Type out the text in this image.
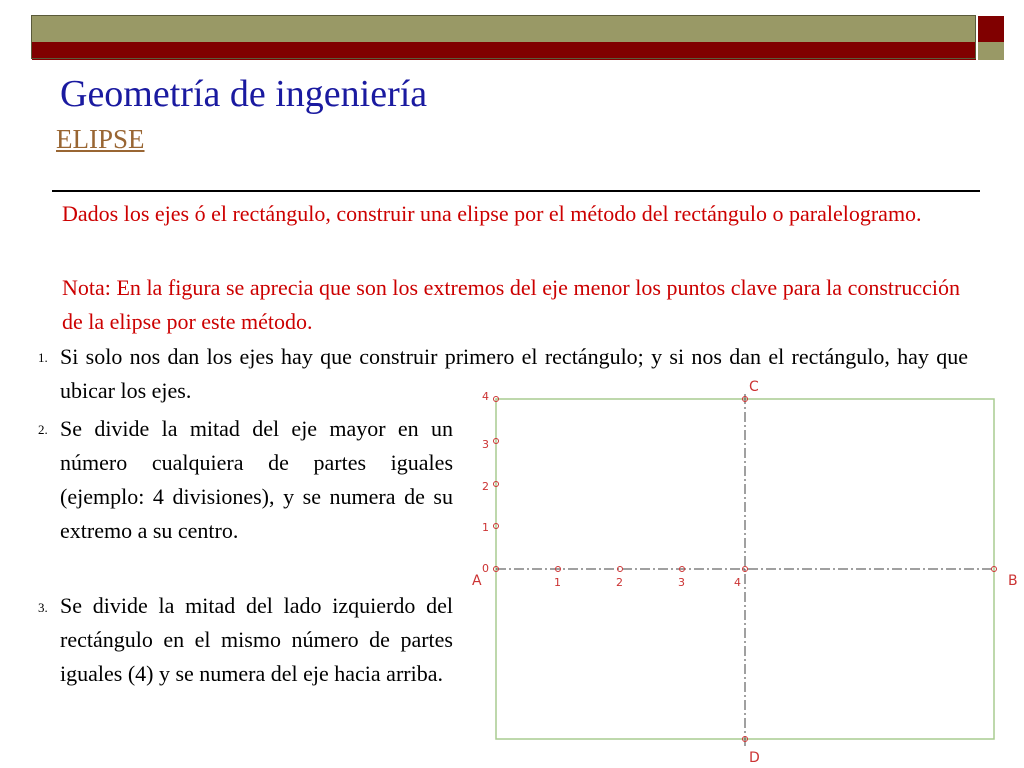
Geometría de ingeniería
ELIPSE
Dados los ejes ó el rectángulo, construir una elipse por el método del rectángulo o paralelogramo.
Nota: En la figura se aprecia que son los extremos del eje menor los puntos clave para la construcción de la elipse por este método.
1. Si solo nos dan los ejes hay que construir primero el rectángulo; y si nos dan el rectángulo, hay que ubicar los ejes.
2. Se divide la mitad del eje mayor en un número cualquiera de partes iguales (ejemplo: 4 divisiones), y se numera de su extremo a su centro.
3. Se divide la mitad del lado izquierdo del rectángulo en el mismo número de partes iguales (4) y se numera del eje hacia arriba.
C
A	B
D
4
3
2
1
0
1	2	3	4
